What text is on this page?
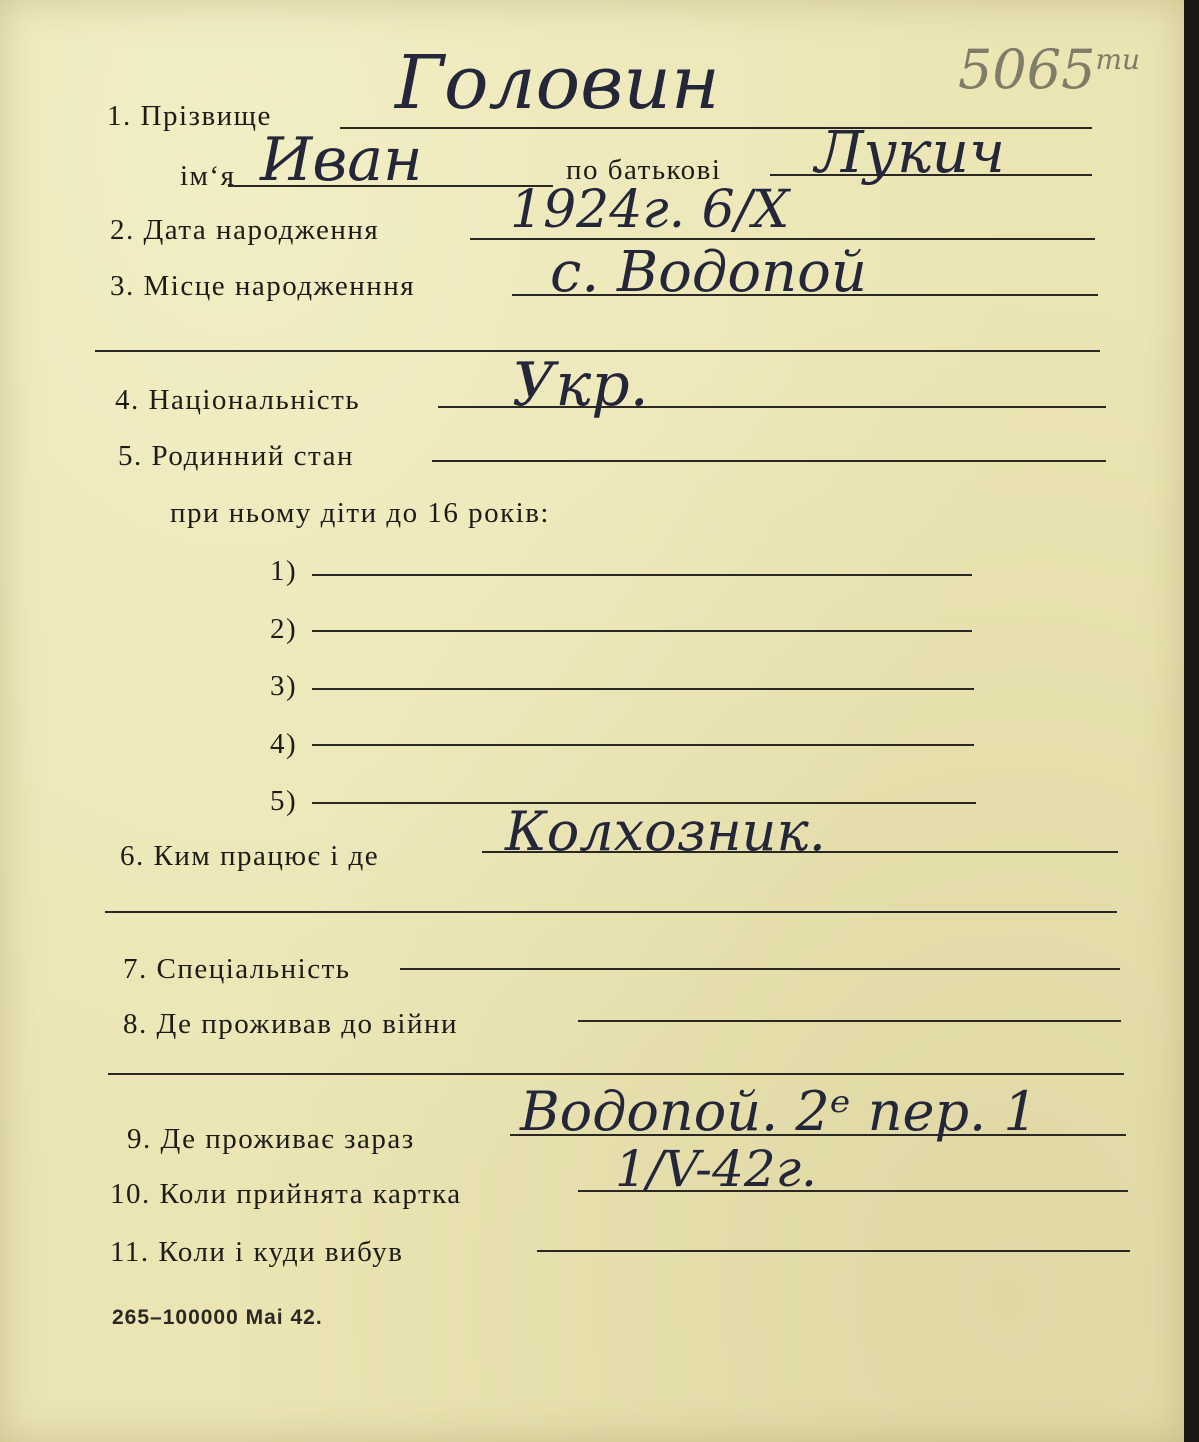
$5065^{ти}$
1. Прізвище Головин
ім‘я Иван	по батькові Лукич
2. Дата народження	1924г. 6/X
3. Місце народженння с. Водопой
4. Національність	Укр.
5. Родинний стан
при ньому діти до 16 років:
1)
2)
3)
4)
5)
6. Ким працює і де Колхозник.
7. Спеціальність
8. Де проживав до війни
9. Де проживає зараз Водопой. 2ᵉ пер. 1
10. Коли прийнята картка	1/V-42г.
11. Коли і куди вибув
265–100000 Mai 42.
